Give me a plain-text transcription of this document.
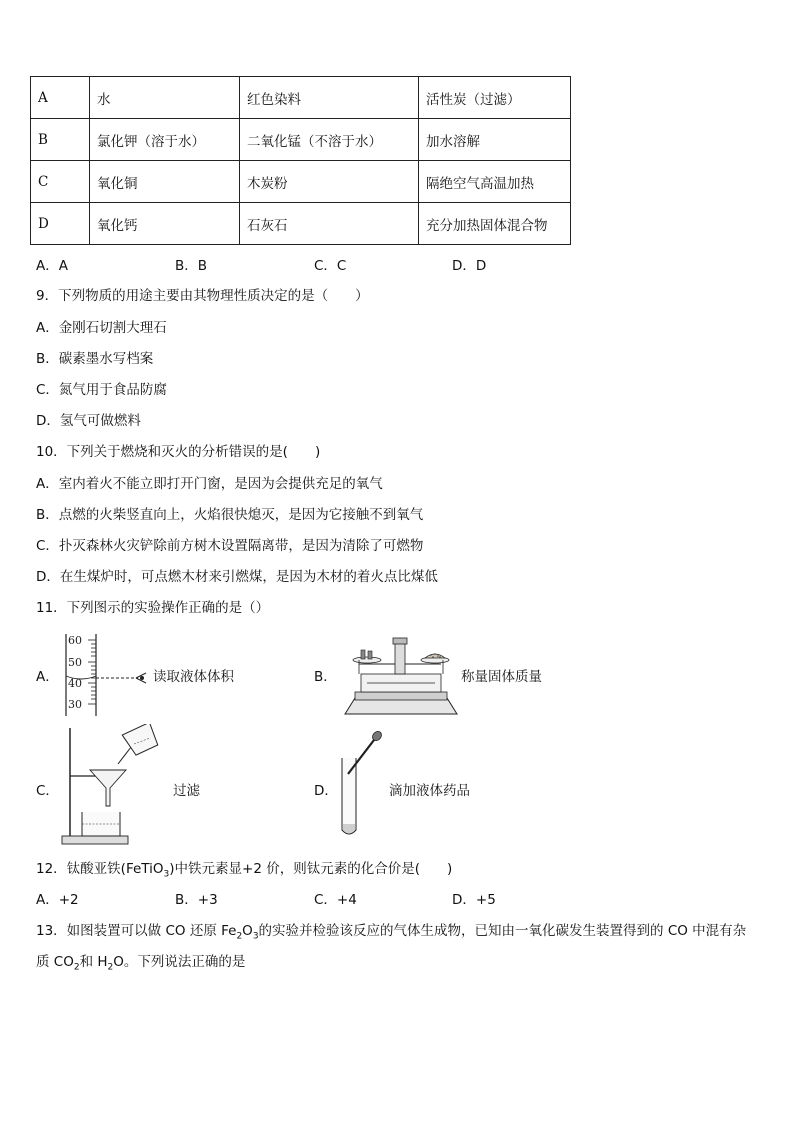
A	水	红色染料	活性炭（过滤）
B	氯化钾（溶于水）	二氧化锰（不溶于水）	加水溶解
C	氧化铜	木炭粉	隔绝空气高温加热
D	氧化钙	石灰石	充分加热固体混合物
A．A	B．B	C．C	D．D
9．下列物质的用途主要由其物理性质决定的是（　　）
A．金刚石切割大理石
B．碳素墨水写档案
C．氮气用于食品防腐
D．氢气可做燃料
10．下列关于燃烧和灭火的分析错误的是(　　)
A．室内着火不能立即打开门窗，是因为会提供充足的氧气
B．点燃的火柴竖直向上，火焰很快熄灭，是因为它接触不到氧气
C．扑灭森林火灾铲除前方树木设置隔离带，是因为清除了可燃物
D．在生煤炉时，可点燃木材来引燃煤，是因为木材的着火点比煤低
11．下列图示的实验操作正确的是（）
A．
60
50
40
30
读取液体体积	B．	称量固体质量
C．	过滤	D．	滴加液体药品
12．钛酸亚铁(FeTiO$_3$)中铁元素显+2 价，则钛元素的化合价是(　　)
A．+2	B．+3	C．+4	D．+5
13．如图装置可以做 CO 还原 $Fe_2O_3$的实验并检验该反应的气体生成物，已知由一氧化碳发生装置得到的 CO 中混有杂
质 $CO_2$和 $H_2O$。下列说法正确的是
